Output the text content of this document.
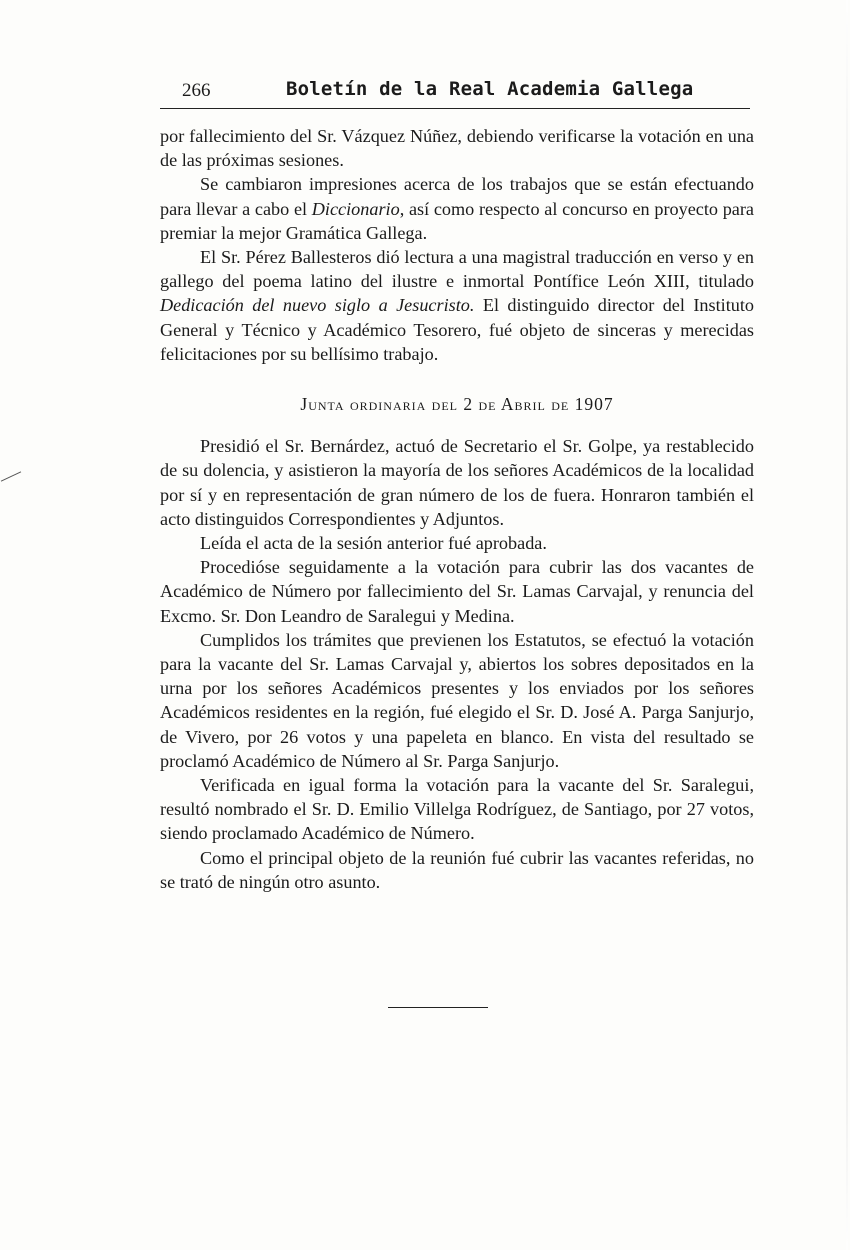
266	Boletín de la Real Academia Gallega

por fallecimiento del Sr. Vázquez Núñez, debiendo verificarse la votación en una de las próximas sesiones.

Se cambiaron impresiones acerca de los trabajos que se están efectuando para llevar a cabo el Diccionario, así como respecto al concurso en proyecto para premiar la mejor Gramática Gallega.

El Sr. Pérez Ballesteros dió lectura a una magistral traducción en verso y en gallego del poema latino del ilustre e inmortal Pontífice León XIII, titulado Dedicación del nuevo siglo a Jesucristo. El distinguido director del Instituto General y Técnico y Académico Tesorero, fué objeto de sinceras y merecidas felicitaciones por su bellísimo trabajo.

Junta ordinaria del 2 de Abril de 1907

Presidió el Sr. Bernárdez, actuó de Secretario el Sr. Golpe, ya restablecido de su dolencia, y asistieron la mayoría de los señores Académicos de la localidad por sí y en representación de gran número de los de fuera. Honraron también el acto distinguidos Correspondientes y Adjuntos.

Leída el acta de la sesión anterior fué aprobada.

Procedióse seguidamente a la votación para cubrir las dos vacantes de Académico de Número por fallecimiento del Sr. Lamas Carvajal, y renuncia del Excmo. Sr. Don Leandro de Saralegui y Medina.

Cumplidos los trámites que previenen los Estatutos, se efectuó la votación para la vacante del Sr. Lamas Carvajal y, abiertos los sobres depositados en la urna por los señores Académicos presentes y los enviados por los señores Académicos residentes en la región, fué elegido el Sr. D. José A. Parga Sanjurjo, de Vivero, por 26 votos y una papeleta en blanco. En vista del resultado se proclamó Académico de Número al Sr. Parga Sanjurjo.

Verificada en igual forma la votación para la vacante del Sr. Saralegui, resultó nombrado el Sr. D. Emilio Villelga Rodríguez, de Santiago, por 27 votos, siendo proclamado Académico de Número.

Como el principal objeto de la reunión fué cubrir las vacantes referidas, no se trató de ningún otro asunto.
